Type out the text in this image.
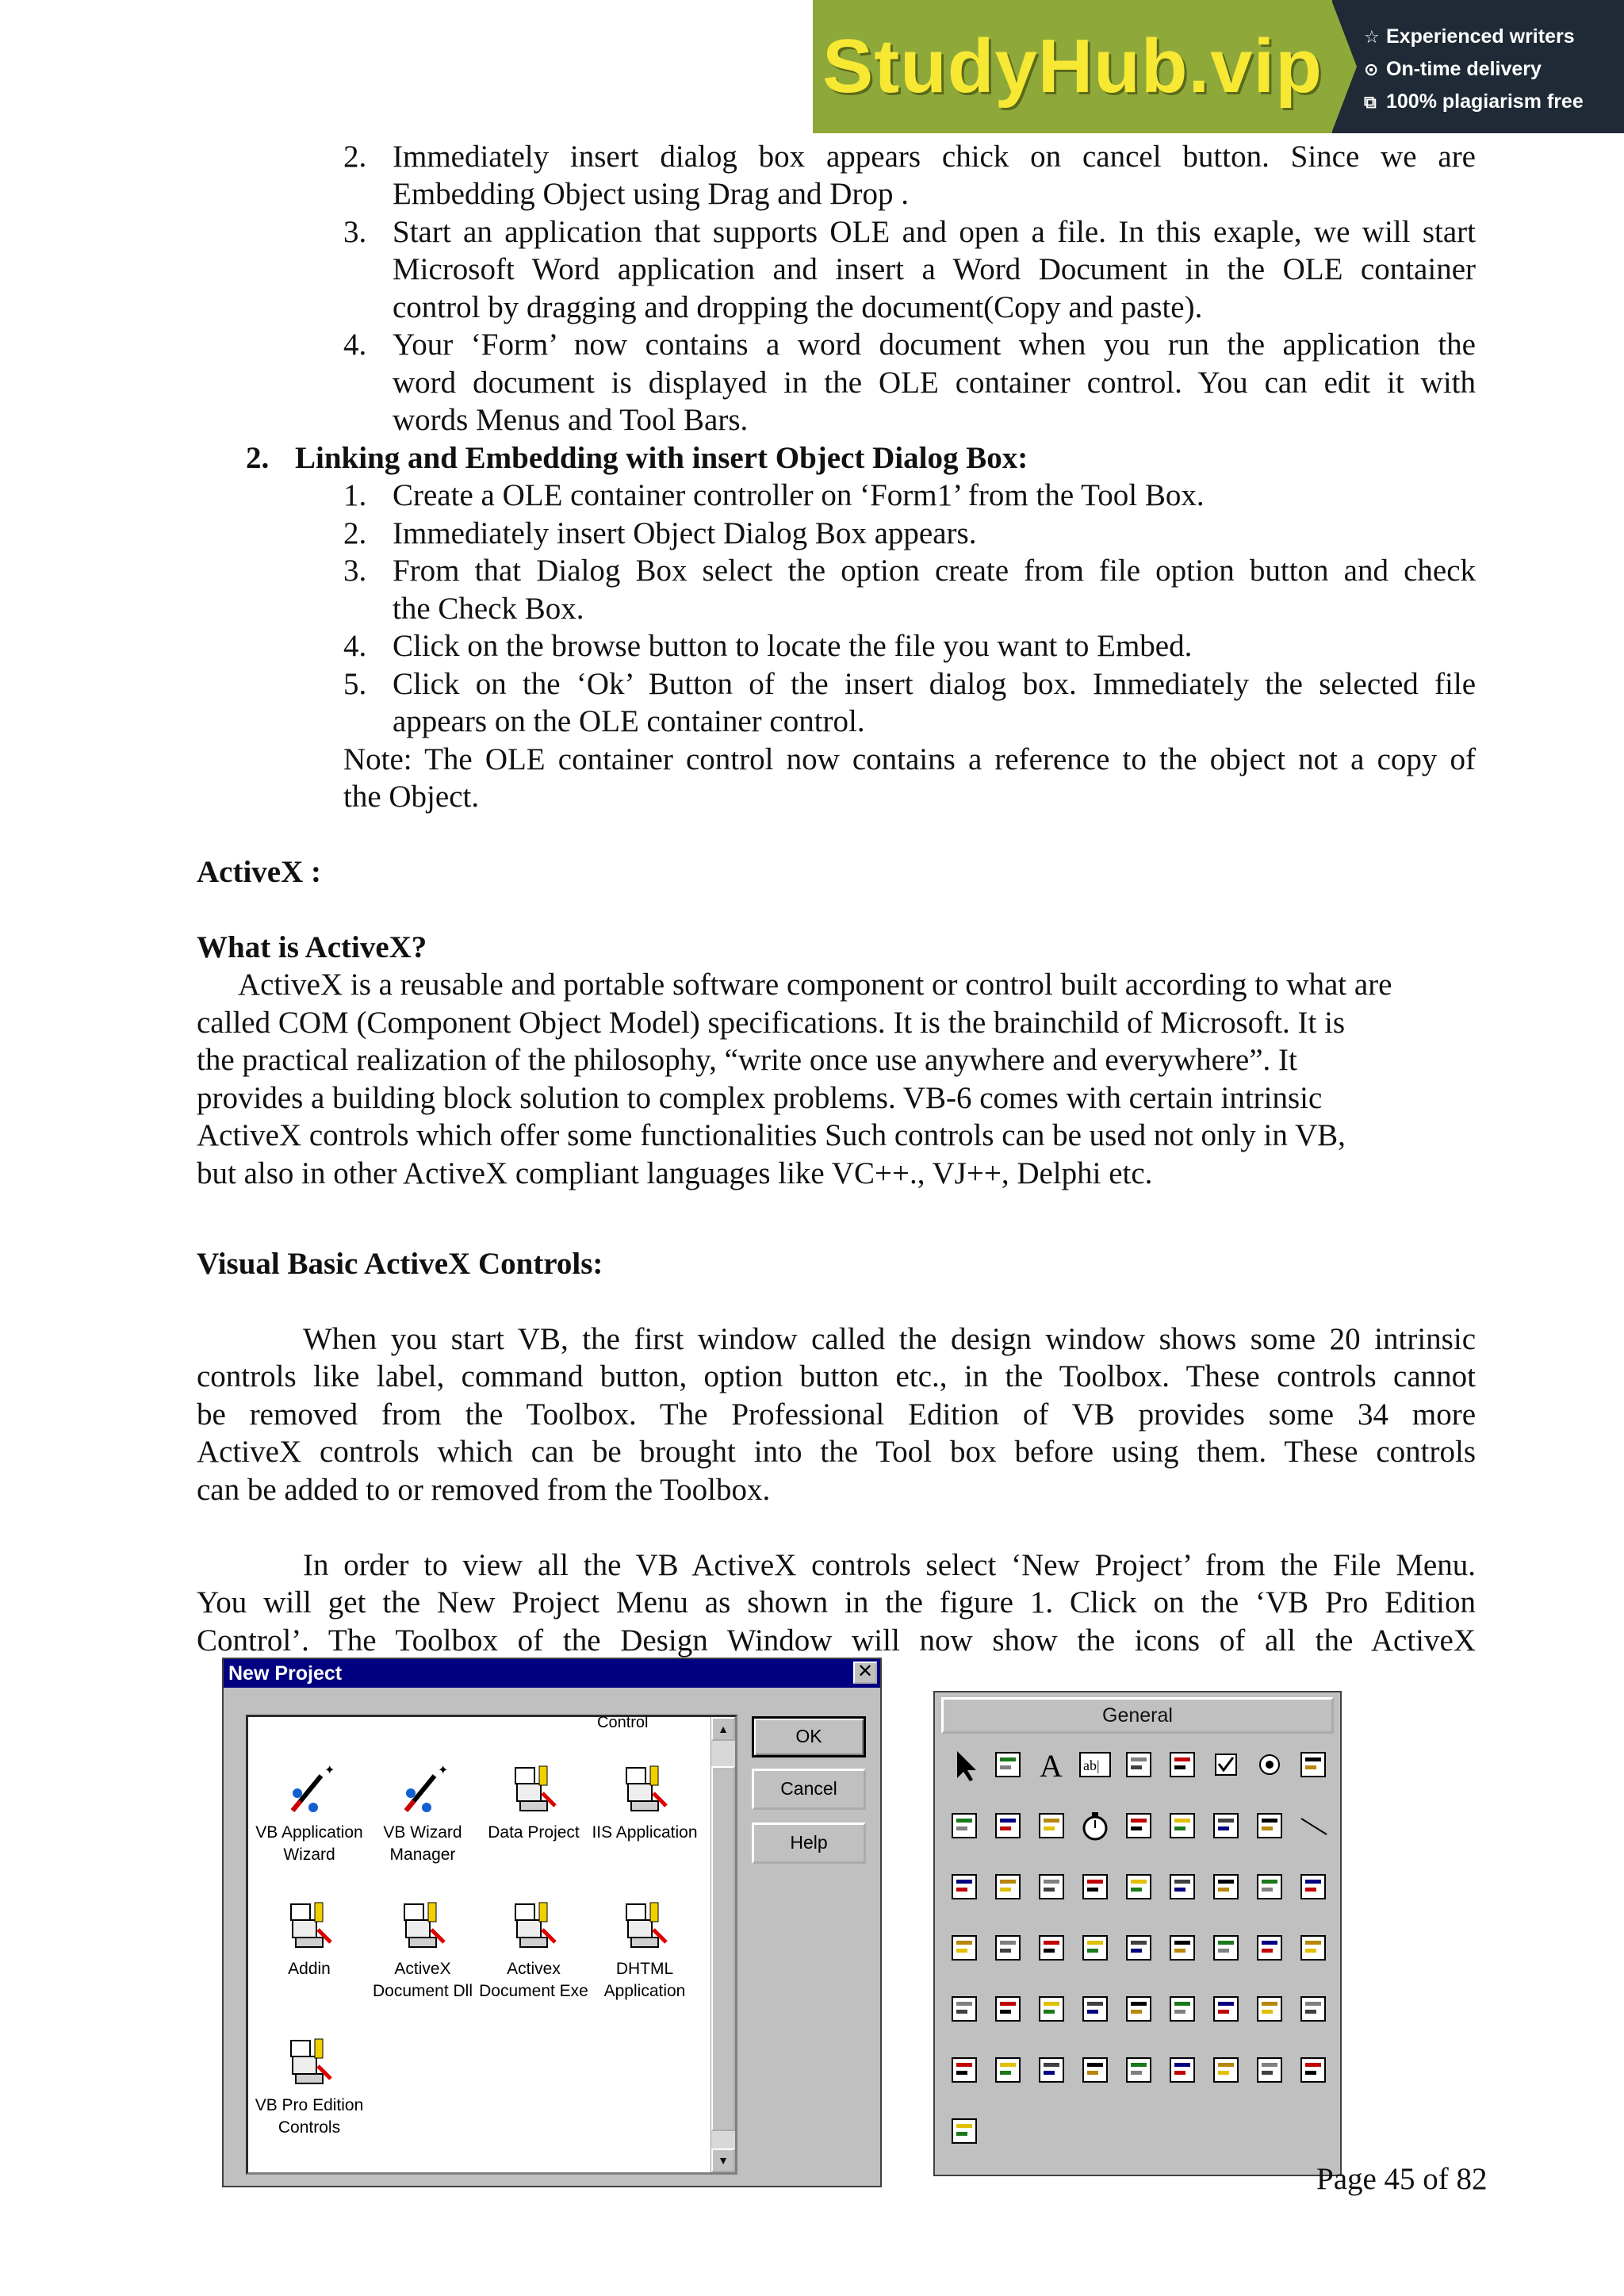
StudyHub.vip ☆ Experienced writers
⊙ On-time delivery
⧉ 100% plagiarism free
2. Immediately insert dialog box appears chick on cancel button. Since we are
Embedding Object using Drag and Drop .
3. Start an application that supports OLE and open a file. In this exaple, we will start
Microsoft Word application and insert a Word Document in the OLE container
control by dragging and dropping the document(Copy and paste).
4. Your ‘Form’ now contains a word document when you run the application the
word document is displayed in the OLE container control. You can edit it with
words Menus and Tool Bars.
2. Linking and Embedding with insert Object Dialog Box:
1. Create a OLE container controller on ‘Form1’ from the Tool Box.
2. Immediately insert Object Dialog Box appears.
3. From that Dialog Box select the option create from file option button and check
the Check Box.
4. Click on the browse button to locate the file you want to Embed.
5. Click on the ‘Ok’ Button of the insert dialog box. Immediately the selected file
appears on the OLE container control.
Note: The OLE container control now contains a reference to the object not a copy of
the Object.
ActiveX :
What is ActiveX?
ActiveX is a reusable and portable software component or control built according to what are
called COM (Component Object Model) specifications. It is the brainchild of Microsoft. It is
the practical realization of the philosophy, “write once use anywhere and everywhere”. It
provides a building block solution to complex problems. VB-6 comes with certain intrinsic
ActiveX controls which offer some functionalities Such controls can be used not only in VB,
but also in other ActiveX compliant languages like VC++., VJ++, Delphi etc.
Visual Basic ActiveX Controls:
When you start VB, the first window called the design window shows some 20 intrinsic
controls like label, command button, option button etc., in the Toolbox. These controls cannot
be removed from the Toolbox. The Professional Edition of VB provides some 34 more
ActiveX controls which can be brought into the Tool box before using them. These controls
can be added to or removed from the Toolbox.
In order to view all the VB ActiveX controls select ‘New Project’ from the File Menu.
You will get the New Project Menu as shown in the figure 1. Click on the ‘VB Pro Edition
Control’. The Toolbox of the Design Window will now show the icons of all the ActiveX
New Project	✕
Control
✦
VB Application Wizard
✦
VB Wizard Manager
Data Project IIS Application
Addin	ActiveX Document Dll
Activex Document Exe
DHTML Application
VB Pro Edition Controls
▲
▼
OK
Cancel
Help
General
A ab|
Page 45 of 82
